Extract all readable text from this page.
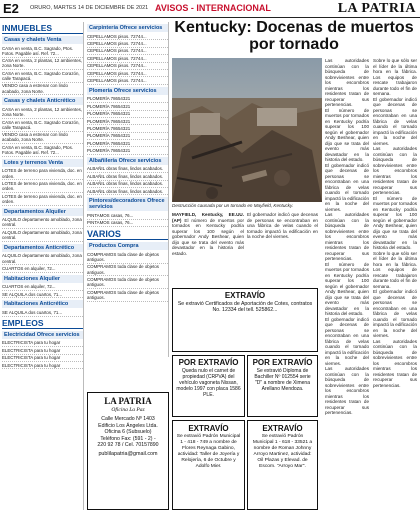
E2 ORURO, MARTES 14 DE DICIEMBRE DE 2021 AVISOS - INTERNACIONAL	LA PATRIA
INMUEBLES
Casas y chalets Venta
CASA en venta, B.C. Sagrado, Ptos. Fotos. Pagable así. Ref. 72...
CASA en venta, 2 plantas, 12 ambientes, zona Norte.
CASA en venta, B.C. Sagrado Corazón, calle Tarapacá.
VENDO casa a estrenar con lindo acabado, zona Norte.
Casas y chalets Anticrético
CASA en venta, 2 plantas, 12 ambientes, zona Norte.
CASA en venta, B.C. Sagrado Corazón, calle Tarapacá.
VENDO casa a estrenar con lindo acabado, zona Norte.
CASA en venta, B.C. Sagrado, Ptos. Fotos. Pagable así. Ref. 72...
Lotes y terrenos Venta
LOTES de terreno para vivienda, doc. en orden.
LOTES de terreno para vivienda, doc. en orden.
LOTES de terreno para vivienda, doc. en orden.
Departamentos Alquiler
ALQUILO departamento amoblado, zona central.
ALQUILO departamento amoblado, zona central.
Departamentos Anticrético
ALQUILO departamento amoblado, zona central.
CUARTOS en alquiler, 72...
Habitaciones Alquiler
CUARTOS en alquiler, 72...
SE ALQUILA dos cuartos, 71...
Habitaciones Anticrético
SE ALQUILA dos cuartos, 71...
EMPLEOS
Electricidad Ofrece servicios
ELECTRICISTA para tu hogar
ELECTRICISTA para tu hogar
ELECTRICISTA para tu hogar
ELECTRICISTA para tu hogar
Carpintería Ofrece servicios
CEPELLAMOS pisos. 72744...
CEPELLAMOS pisos. 72744...
CEPELLAMOS pisos. 72744...
CEPELLAMOS pisos. 72744...
CEPELLAMOS pisos. 72744...
CEPELLAMOS pisos. 72744...
CEPELLAMOS pisos. 72744...
Plomería Ofrece servicios
PLOMERÍA 78654321
PLOMERÍA 78654321
PLOMERÍA 78654321
PLOMERÍA 78654321
PLOMERÍA 78654321
PLOMERÍA 78654321
PLOMERÍA 78654321
PLOMERÍA 78654321
Albañilería Ofrece servicios
ALBAÑIL obras finas, lindos acabados.
ALBAÑIL obras finas, lindos acabados.
ALBAÑIL obras finas, lindos acabados.
ALBAÑIL obras finas, lindos acabados.
Pintores/decoradores Ofrece servicios
PINTAMOS casas, 76...
PINTAMOS casas, 76...
VARIOS
Productos Compra
COMPRAMOS toda clase de objetos antiguos.
COMPRAMOS toda clase de objetos antiguos.
COMPRAMOS toda clase de objetos antiguos.
COMPRAMOS toda clase de objetos antiguos.
Kentucky: Docenas de muertos por tornado
Destrucción causada por un tornado en Mayfield, Kentucky.
MAYFIELD, Kentucky, EE.UU. (AP) El número de muertos por tornados en Kentucky podría superar los 100 según el gobernador Andy Beshear, quien dijo que se trata del evento más devastador en la historia del estado.
El gobernador indicó que decenas de personas se encontraban en una fábrica de velas cuando el tornado impactó la edificación en la noche del viernes.

Las autoridades continúan con la búsqueda de sobrevivientes entre los escombros mientras los residentes tratan de recuperar sus pertenencias.

El número de muertos por tornados en Kentucky podría superar los 100 según el gobernador Andy Beshear, quien dijo que se trata del evento más devastador en la historia del estado.

El gobernador indicó que decenas de personas se encontraban en una fábrica de velas cuando el tornado impactó la edificación en la noche del viernes.

Las autoridades continúan con la búsqueda de sobrevivientes entre los escombros mientras los residentes tratan de recuperar sus pertenencias.

El número de muertos por tornados en Kentucky podría superar los 100 según el gobernador Andy Beshear, quien dijo que se trata del evento más devastador en la historia del estado.

El gobernador indicó que decenas de personas se encontraban en una fábrica de velas cuando el tornado impactó la edificación en la noche del viernes.

Las autoridades continúan con la búsqueda de sobrevivientes entre los escombros mientras los residentes tratan de recuperar sus pertenencias.

Sobre lo que sólo ser el líder de la última hora en la fábrica. Los equipos de rescate trabajaron durante todo el fin de semana.

El gobernador indicó que decenas de personas se encontraban en una fábrica de velas cuando el tornado impactó la edificación en la noche del viernes.

Las autoridades continúan con la búsqueda de sobrevivientes entre los escombros mientras los residentes tratan de recuperar sus pertenencias.

El número de muertos por tornados en Kentucky podría superar los 100 según el gobernador Andy Beshear, quien dijo que se trata del evento más devastador en la historia del estado.

Sobre lo que sólo ser el líder de la última hora en la fábrica. Los equipos de rescate trabajaron durante todo el fin de semana.

El gobernador indicó que decenas de personas se encontraban en una fábrica de velas cuando el tornado impactó la edificación en la noche del viernes.

Las autoridades continúan con la búsqueda de sobrevivientes entre los escombros mientras los residentes tratan de recuperar sus pertenencias.

EXTRAVÍO
Se extravió Certificados de Aportación de Cotes, contratos No. 12334 del tell. 525862...
POR EXTRAVÍO
Queda nulo el carnet de propiedad (CRPVA) del vehículo vagoneta Nissan, modelo 1997 con placa 1586 PLE.
POR EXTRAVÍO
Se extravió Diploma de Bachiller Nº 012554 serie "D" a nombre de Ximena Arellano Mendoza.
EXTRAVÍO
Se extravió Padrón Municipal 1 - 418 - 749 a nombre de Flores Reynaga Gabino, actividad: Taller de Joyería y Relojería, 6 de Octubre y Adolfo Mier.
EXTRAVÍO
Se extravió Padrón Municipal 1 - 618 - 33521 a nombre de Roman Johnny Arroyo Martinez, actividad: Oil Plazas y Elevad. de Escom. "Arroyo Mar".
LA PATRIA
Oficina La Paz
Calle Mercado Nº 1403
Edificio Los Ángeles Ltda.
Oficina 6 (Subsuelo)
Teléfono Fax: (591 - 2) -
220 92 78 / Cel. 70157890
publilapatria@gmail.com
